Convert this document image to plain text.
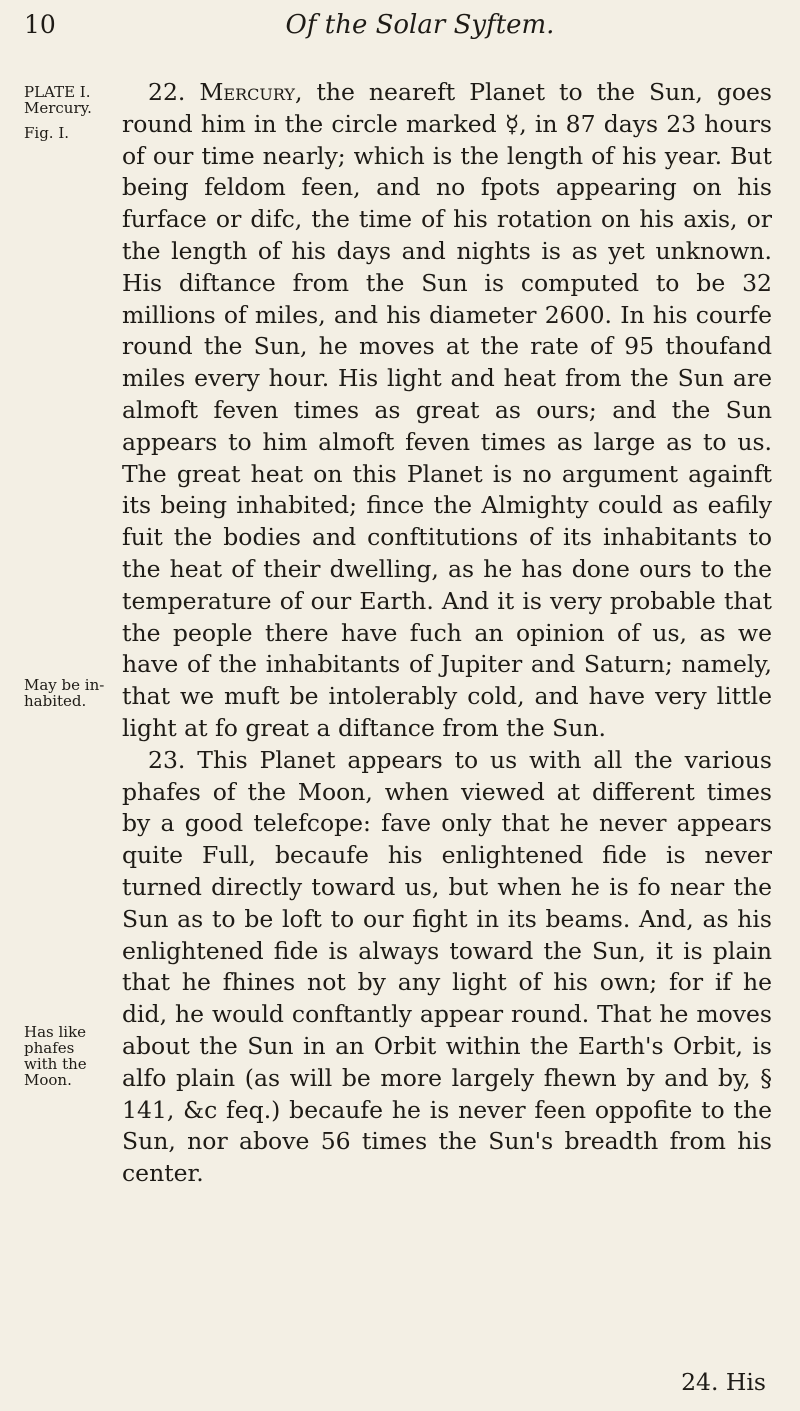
10	Of the Solar Syftem.
PLATE I.
Mercury.
Fig. I.
May be in-habited.
Has like phafes with the Moon.

22. Mercury, the neareft Planet to the Sun, goes round him in the circle marked ☿, in 87 days 23 hours of our time nearly; which is the length of his year. But being feldom feen, and no fpots appearing on his furface or difc, the time of his rotation on his axis, or the length of his days and nights is as yet unknown. His diftance from the Sun is computed to be 32 millions of miles, and his diameter 2600. In his courfe round the Sun, he moves at the rate of 95 thoufand miles every hour. His light and heat from the Sun are almoft feven times as great as ours; and the Sun appears to him almoft feven times as large as to us. The great heat on this Planet is no argument againft its being inhabited; fince the Almighty could as eafily fuit the bodies and conftitutions of its inhabitants to the heat of their dwelling, as he has done ours to the temperature of our Earth. And it is very probable that the people there have fuch an opinion of us, as we have of the inhabitants of Jupiter and Saturn; namely, that we muft be intolerably cold, and have very little light at fo great a diftance from the Sun.

23. This Planet appears to us with all the various phafes of the Moon, when viewed at different times by a good telefcope: fave only that he never appears quite Full, becaufe his enlightened fide is never turned directly toward us, but when he is fo near the Sun as to be loft to our fight in its beams. And, as his enlightened fide is always toward the Sun, it is plain that he fhines not by any light of his own; for if he did, he would conftantly appear round. That he moves about the Sun in an Orbit within the Earth's Orbit, is alfo plain (as will be more largely fhewn by and by, § 141, &c feq.) becaufe he is never feen oppofite to the Sun, nor above 56 times the Sun's breadth from his center.

24. His
